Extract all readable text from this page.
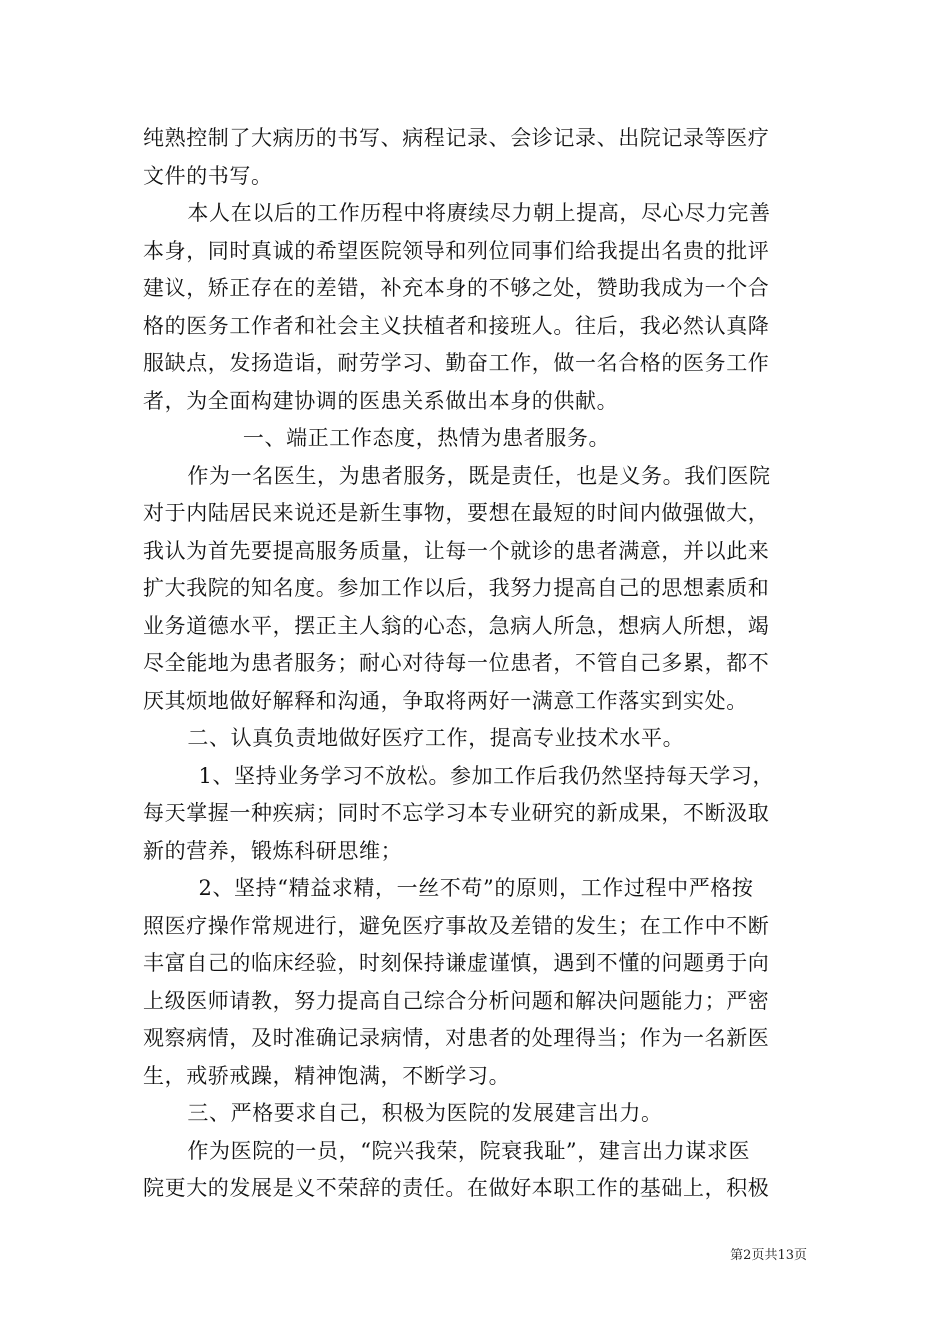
纯熟控制了大病历的书写、病程记录、会诊记录、出院记录等医疗
文件的书写。
本人在以后的工作历程中将赓续尽力朝上提高，尽心尽力完善
本身，同时真诚的希望医院领导和列位同事们给我提出名贵的批评
建议，矫正存在的差错，补充本身的不够之处，赞助我成为一个合
格的医务工作者和社会主义扶植者和接班人。往后，我必然认真降
服缺点，发扬造诣，耐劳学习、勤奋工作，做一名合格的医务工作
者，为全面构建协调的医患关系做出本身的供献。
一、端正工作态度，热情为患者服务。
作为一名医生，为患者服务，既是责任，也是义务。我们医院
对于内陆居民来说还是新生事物，要想在最短的时间内做强做大，
我认为首先要提高服务质量，让每一个就诊的患者满意，并以此来
扩大我院的知名度。参加工作以后，我努力提高自己的思想素质和
业务道德水平，摆正主人翁的心态，急病人所急，想病人所想，竭
尽全能地为患者服务；耐心对待每一位患者，不管自己多累，都不
厌其烦地做好解释和沟通，争取将两好一满意工作落实到实处。
二、认真负责地做好医疗工作，提高专业技术水平。
1、坚持业务学习不放松。参加工作后我仍然坚持每天学习，
每天掌握一种疾病；同时不忘学习本专业研究的新成果，不断汲取
新的营养，锻炼科研思维；
2、坚持“精益求精，一丝不苟”的原则，工作过程中严格按
照医疗操作常规进行，避免医疗事故及差错的发生；在工作中不断
丰富自己的临床经验，时刻保持谦虚谨慎，遇到不懂的问题勇于向
上级医师请教，努力提高自己综合分析问题和解决问题能力；严密
观察病情，及时准确记录病情，对患者的处理得当；作为一名新医
生，戒骄戒躁，精神饱满，不断学习。
三、严格要求自己，积极为医院的发展建言出力。
作为医院的一员，“院兴我荣，院衰我耻”，建言出力谋求医
院更大的发展是义不荣辞的责任。在做好本职工作的基础上，积极
第2页共13页
